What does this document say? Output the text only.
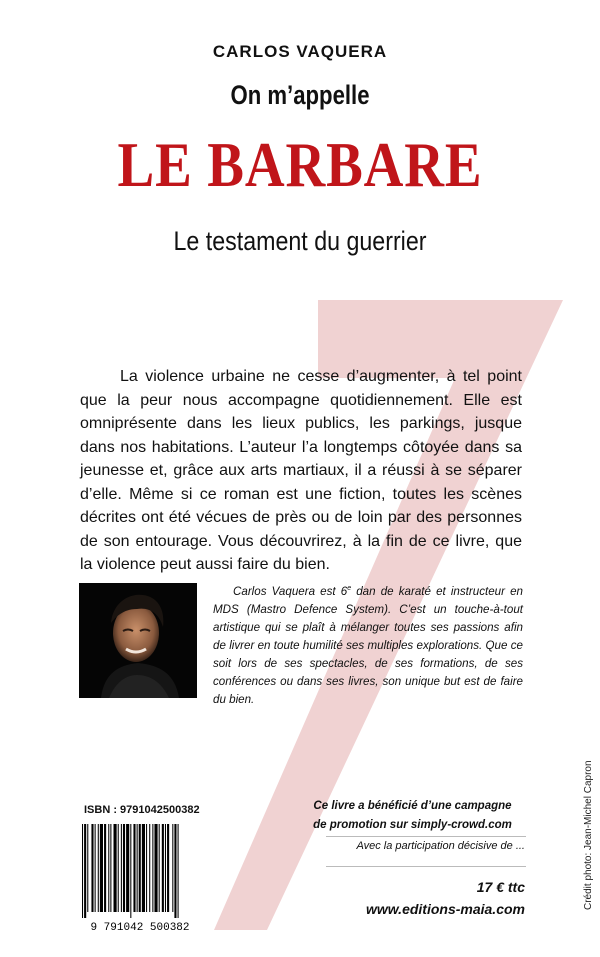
CARLOS VAQUERA
On m’appelle
LE BARBARE
Le testament du guerrier

La violence urbaine ne cesse d’augmenter, à tel point que la peur nous accompagne quotidiennement. Elle est omniprésente dans les lieux publics, les parkings, jusque dans nos habitations. L’auteur l’a longtemps côtoyée dans sa jeunesse et, grâce aux arts martiaux, il a réussi à se séparer d’elle. Même si ce roman est une fiction, toutes les scènes décrites ont été vécues de près ou de loin par des personnes de son entourage. Vous découvrirez, à la fin de ce livre, que la violence peut aussi faire du bien.

Carlos Vaquera est 6e dan de karaté et instructeur en MDS (Mastro Defence System). C’est un touche-à-tout artistique qui se plaît à mélanger toutes ses passions afin de livrer en toute humilité ses multiples explorations. Que ce soit lors de ses spectacles, de ses formations, de ses conférences ou dans ses livres, son unique but est de faire du bien.

ISBN : 9791042500382
9 791042 500382
Ce livre a bénéficié d’une campagne
de promotion sur simply-crowd.com
Avec la participation décisive de ...
17 € ttc
www.editions-maia.com	Crédit photo: Jean-Michel Capron
